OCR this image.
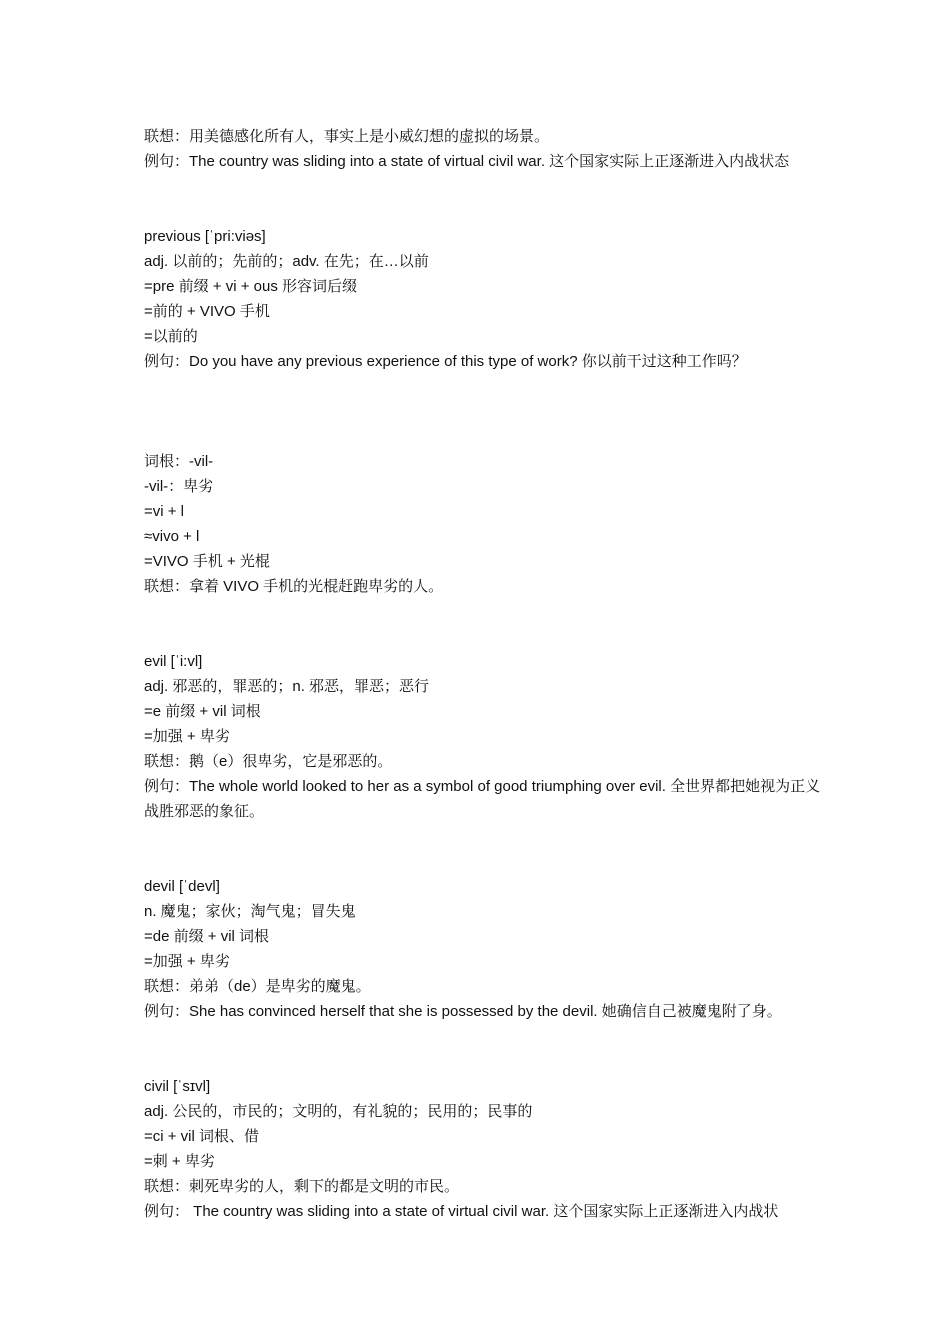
联想：用美德感化所有人，事实上是小威幻想的虚拟的场景。
例句：The country was sliding into a state of virtual civil war. 这个国家实际上正逐渐进入内战状态
previous [ˈpri:viəs]
adj. 以前的；先前的；adv. 在先；在…以前
=pre 前缀 + vi + ous 形容词后缀
=前的 + VIVO 手机
=以前的
例句：Do you have any previous experience of this type of work? 你以前干过这种工作吗？
词根：-vil-
-vil-：卑劣
=vi + l
≈vivo + l
=VIVO 手机 + 光棍
联想：拿着 VIVO 手机的光棍赶跑卑劣的人。
evil [ˈi:vl]
adj. 邪恶的，罪恶的；n. 邪恶，罪恶；恶行
=e 前缀 + vil 词根
=加强 + 卑劣
联想：鹅（e）很卑劣，它是邪恶的。
例句：The whole world looked to her as a symbol of good triumphing over evil. 全世界都把她视为正义战胜邪恶的象征。
devil [ˈdevl]
n. 魔鬼；家伙；淘气鬼；冒失鬼
=de 前缀 + vil 词根
=加强 + 卑劣
联想：弟弟（de）是卑劣的魔鬼。
例句：She has convinced herself that she is possessed by the devil. 她确信自己被魔鬼附了身。
civil [ˈsɪvl]
adj. 公民的，市民的；文明的，有礼貌的；民用的；民事的
=ci + vil 词根、借
=刺 + 卑劣
联想：刺死卑劣的人，剩下的都是文明的市民。
例句： The country was sliding into a state of virtual civil war. 这个国家实际上正逐渐进入内战状
